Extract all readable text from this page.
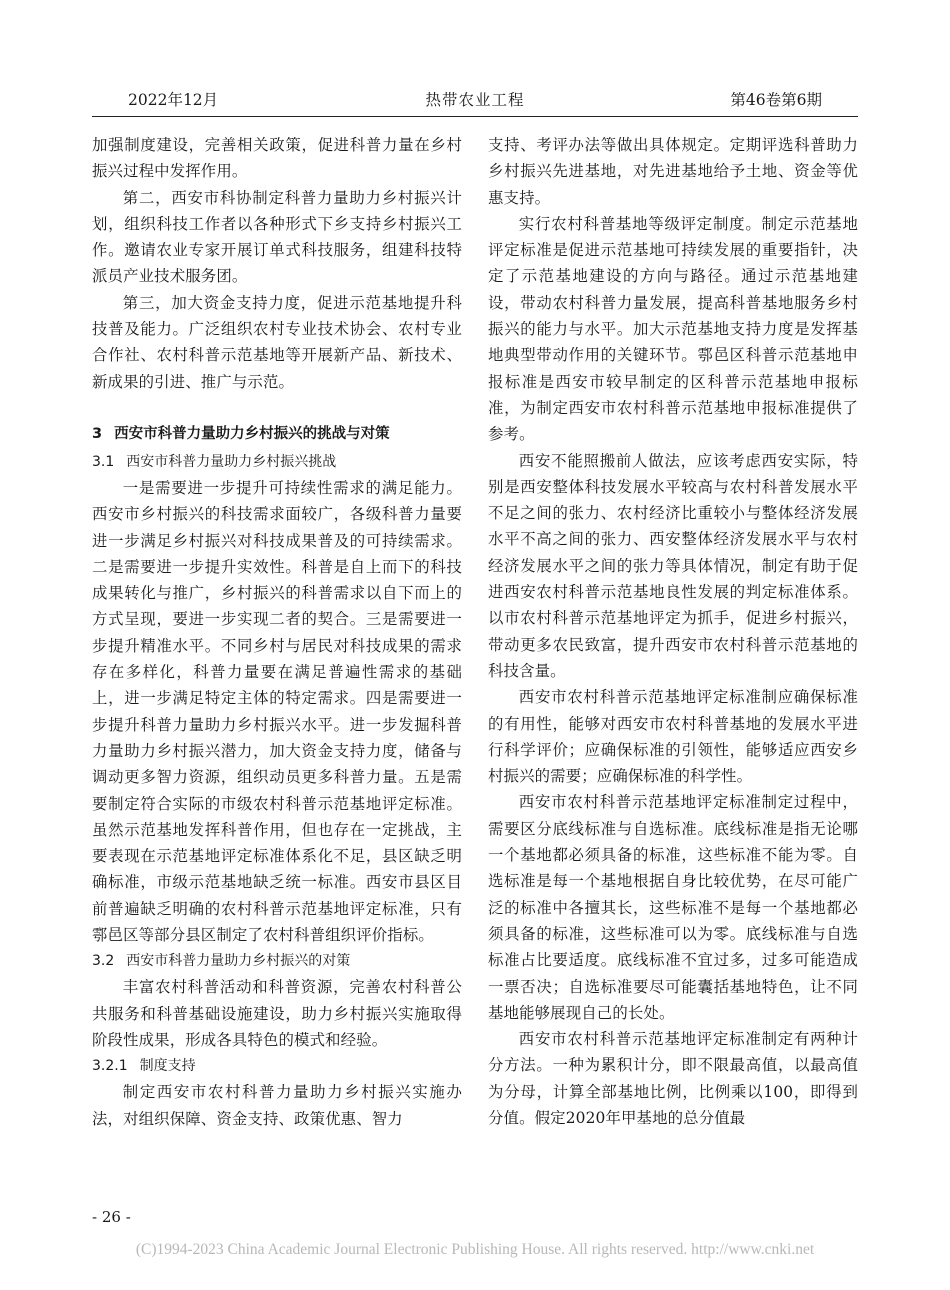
2022年12月	热带农业工程	第46卷第6期

加强制度建设，完善相关政策，促进科普力量在乡村振兴过程中发挥作用。

第二，西安市科协制定科普力量助力乡村振兴计划，组织科技工作者以各种形式下乡支持乡村振兴工作。邀请农业专家开展订单式科技服务，组建科技特派员产业技术服务团。

第三，加大资金支持力度，促进示范基地提升科技普及能力。广泛组织农村专业技术协会、农村专业合作社、农村科普示范基地等开展新产品、新技术、新成果的引进、推广与示范。

3 西安市科普力量助力乡村振兴的挑战与对策
3.1 西安市科普力量助力乡村振兴挑战

一是需要进一步提升可持续性需求的满足能力。西安市乡村振兴的科技需求面较广，各级科普力量要进一步满足乡村振兴对科技成果普及的可持续需求。二是需要进一步提升实效性。科普是自上而下的科技成果转化与推广，乡村振兴的科普需求以自下而上的方式呈现，要进一步实现二者的契合。三是需要进一步提升精准水平。不同乡村与居民对科技成果的需求存在多样化，科普力量要在满足普遍性需求的基础上，进一步满足特定主体的特定需求。四是需要进一步提升科普力量助力乡村振兴水平。进一步发掘科普力量助力乡村振兴潜力，加大资金支持力度，储备与调动更多智力资源，组织动员更多科普力量。五是需要制定符合实际的市级农村科普示范基地评定标准。虽然示范基地发挥科普作用，但也存在一定挑战，主要表现在示范基地评定标准体系化不足，县区缺乏明确标准，市级示范基地缺乏统一标准。西安市县区目前普遍缺乏明确的农村科普示范基地评定标准，只有鄠邑区等部分县区制定了农村科普组织评价指标。

3.2 西安市科普力量助力乡村振兴的对策

丰富农村科普活动和科普资源，完善农村科普公共服务和科普基础设施建设，助力乡村振兴实施取得阶段性成果，形成各具特色的模式和经验。

3.2.1 制度支持

制定西安市农村科普力量助力乡村振兴实施办法，对组织保障、资金支持、政策优惠、智力

支持、考评办法等做出具体规定。定期评选科普助力乡村振兴先进基地，对先进基地给予土地、资金等优惠支持。

实行农村科普基地等级评定制度。制定示范基地评定标准是促进示范基地可持续发展的重要指针，决定了示范基地建设的方向与路径。通过示范基地建设，带动农村科普力量发展，提高科普基地服务乡村振兴的能力与水平。加大示范基地支持力度是发挥基地典型带动作用的关键环节。鄠邑区科普示范基地申报标准是西安市较早制定的区科普示范基地申报标准，为制定西安市农村科普示范基地申报标准提供了参考。

西安不能照搬前人做法，应该考虑西安实际，特别是西安整体科技发展水平较高与农村科普发展水平不足之间的张力、农村经济比重较小与整体经济发展水平不高之间的张力、西安整体经济发展水平与农村经济发展水平之间的张力等具体情况，制定有助于促进西安农村科普示范基地良性发展的判定标准体系。以市农村科普示范基地评定为抓手，促进乡村振兴，带动更多农民致富，提升西安市农村科普示范基地的科技含量。

西安市农村科普示范基地评定标准制应确保标准的有用性，能够对西安市农村科普基地的发展水平进行科学评价；应确保标准的引领性，能够适应西安乡村振兴的需要；应确保标准的科学性。

西安市农村科普示范基地评定标准制定过程中，需要区分底线标准与自选标准。底线标准是指无论哪一个基地都必须具备的标准，这些标准不能为零。自选标准是每一个基地根据自身比较优势，在尽可能广泛的标准中各擅其长，这些标准不是每一个基地都必须具备的标准，这些标准可以为零。底线标准与自选标准占比要适度。底线标准不宜过多，过多可能造成一票否决；自选标准要尽可能囊括基地特色，让不同基地能够展现自己的长处。

西安市农村科普示范基地评定标准制定有两种计分方法。一种为累积计分，即不限最高值，以最高值为分母，计算全部基地比例，比例乘以100，即得到分值。假定2020年甲基地的总分值最

- 26 -
(C)1994-2023 China Academic Journal Electronic Publishing House. All rights reserved. http://www.cnki.net
